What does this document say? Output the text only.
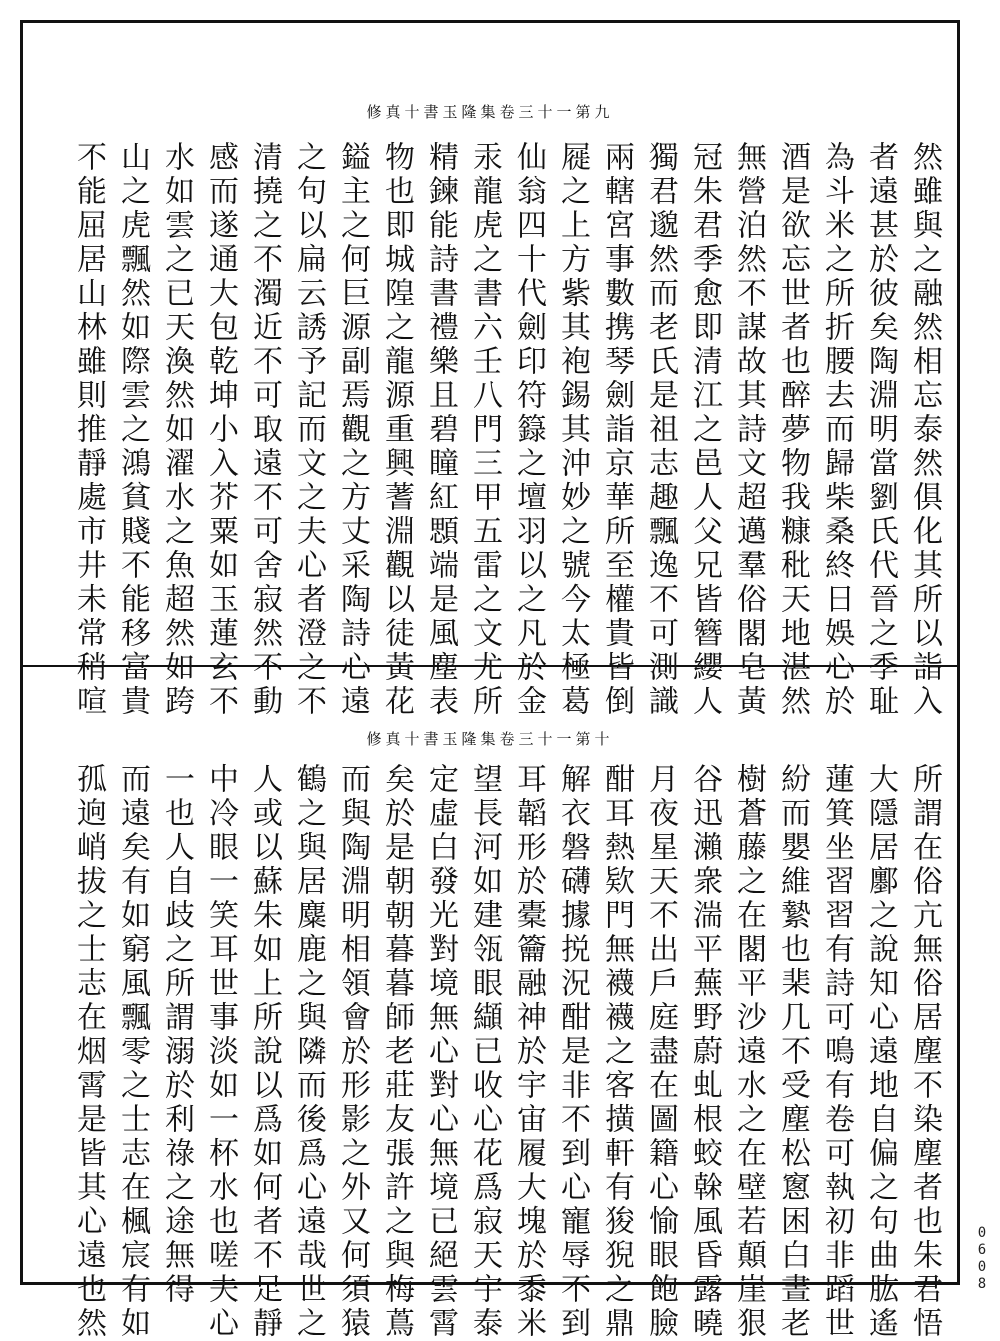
修真十書玉隆集卷三十一第九
然雖與之融然相忘泰然俱化其所以詣入
者遠甚於彼矣陶淵明當劉氏代晉之季耻
為斗米之所折腰去而歸柴桑終日娛心於
酒是欲忘世者也醉夢物我糠秕天地湛然
無營泊然不謀故其詩文超邁羣俗閣皂黃
冠朱君季愈即清江之邑人父兄皆簪纓人
獨君邈然而老氏是祖志趣飄逸不可測識
兩轄宮事數携琴劍詣京華所至權貴皆倒
屣之上方紫其袍錫其沖妙之號今太極葛
仙翁四十代劍印符籙之壇羽以之凡於金
汞龍虎之書六壬八門三甲五雷之文尤所
精鍊能詩書禮樂且碧瞳紅顋端是風塵表
物也即城隍之龍源重興蓍淵觀以徒黃花
鎰主之何巨源副焉觀之方丈采陶詩心遠
之句以扁云誘予記而文之夫心者澄之不
清撓之不濁近不可取遠不可舍寂然不動
感而遂通大包乾坤小入芥粟如玉蓮玄不
水如雲之已天渙然如濯水之魚超然如跨
山之虎飄然如際雲之鴻貧賤不能移富貴
不能屈居山林雖則推靜處市井未常稍喧
修真十書玉隆集卷三十一第十
所謂在俗亢無俗居塵不染塵者也朱君悟
大隱居鄽之說知心遠地自偏之句曲肱遙
蓮箕坐習習有詩可鳴有卷可執初非蹈世
紛而嬰維縶也棐几不受塵松窻困白晝老
樹蒼藤之在閣平沙遠水之在壁若顛崖狠
谷迅瀨衆湍平蕪野蔚虬根蛟榦風昏露曉
月夜星天不出戶庭盡在圖籍心愉眼飽臉
酣耳熱欵門無襪襪之客撗軒有狻猊之鼎
解衣磐礴據捝況酣是非不到心寵辱不到
耳韜形於橐籥融神於宇宙履大塊於黍米
望長河如建瓴眼纈已收心花爲寂天宇泰
定虛白發光對境無心對心無境已絕雲霄
矣於是朝朝暮暮師老莊友張許之與梅蔦
而與陶淵明相領會於形影之外又何須猿
鶴之與居麋鹿之與隣而後爲心遠哉世之
人或以蘇朱如上所說以爲如何者不足靜
中冷眼一笑耳世事淡如一杯水也嗟夫心
一也人自歧之所謂溺於利祿之途無得
而遠矣有如窮風飄零之士志在楓宸有如
孤逈峭拔之士志在烟霄是皆其心遠也然	0608
